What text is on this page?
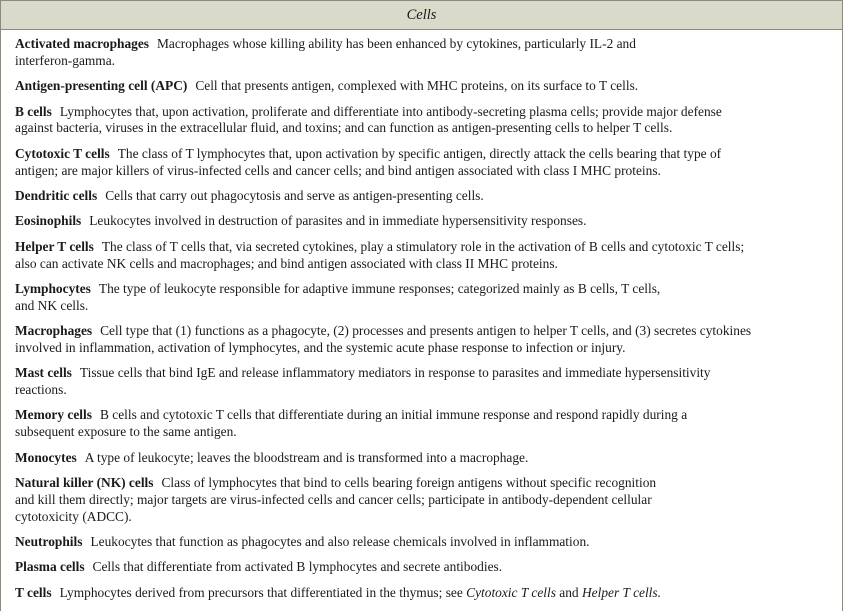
Cells
Activated macrophages Macrophages whose killing ability has been enhanced by cytokines, particularly IL-2 and
interferon-gamma.
Antigen-presenting cell (APC) Cell that presents antigen, complexed with MHC proteins, on its surface to T cells.
B cells Lymphocytes that, upon activation, proliferate and differentiate into antibody-secreting plasma cells; provide major defense
against bacteria, viruses in the extracellular fluid, and toxins; and can function as antigen-presenting cells to helper T cells.
Cytotoxic T cells The class of T lymphocytes that, upon activation by specific antigen, directly attack the cells bearing that type of
antigen; are major killers of virus-infected cells and cancer cells; and bind antigen associated with class I MHC proteins.
Dendritic cells Cells that carry out phagocytosis and serve as antigen-presenting cells.
Eosinophils Leukocytes involved in destruction of parasites and in immediate hypersensitivity responses.
Helper T cells The class of T cells that, via secreted cytokines, play a stimulatory role in the activation of B cells and cytotoxic T cells;
also can activate NK cells and macrophages; and bind antigen associated with class II MHC proteins.
Lymphocytes The type of leukocyte responsible for adaptive immune responses; categorized mainly as B cells, T cells,
and NK cells.
Macrophages Cell type that (1) functions as a phagocyte, (2) processes and presents antigen to helper T cells, and (3) secretes cytokines
involved in inflammation, activation of lymphocytes, and the systemic acute phase response to infection or injury.
Mast cells Tissue cells that bind IgE and release inflammatory mediators in response to parasites and immediate hypersensitivity
reactions.
Memory cells B cells and cytotoxic T cells that differentiate during an initial immune response and respond rapidly during a
subsequent exposure to the same antigen.
Monocytes A type of leukocyte; leaves the bloodstream and is transformed into a macrophage.
Natural killer (NK) cells Class of lymphocytes that bind to cells bearing foreign antigens without specific recognition
and kill them directly; major targets are virus-infected cells and cancer cells; participate in antibody-dependent cellular
cytotoxicity (ADCC).
Neutrophils Leukocytes that function as phagocytes and also release chemicals involved in inflammation.
Plasma cells Cells that differentiate from activated B lymphocytes and secrete antibodies.
T cells Lymphocytes derived from precursors that differentiated in the thymus; see Cytotoxic T cells and Helper T cells.
